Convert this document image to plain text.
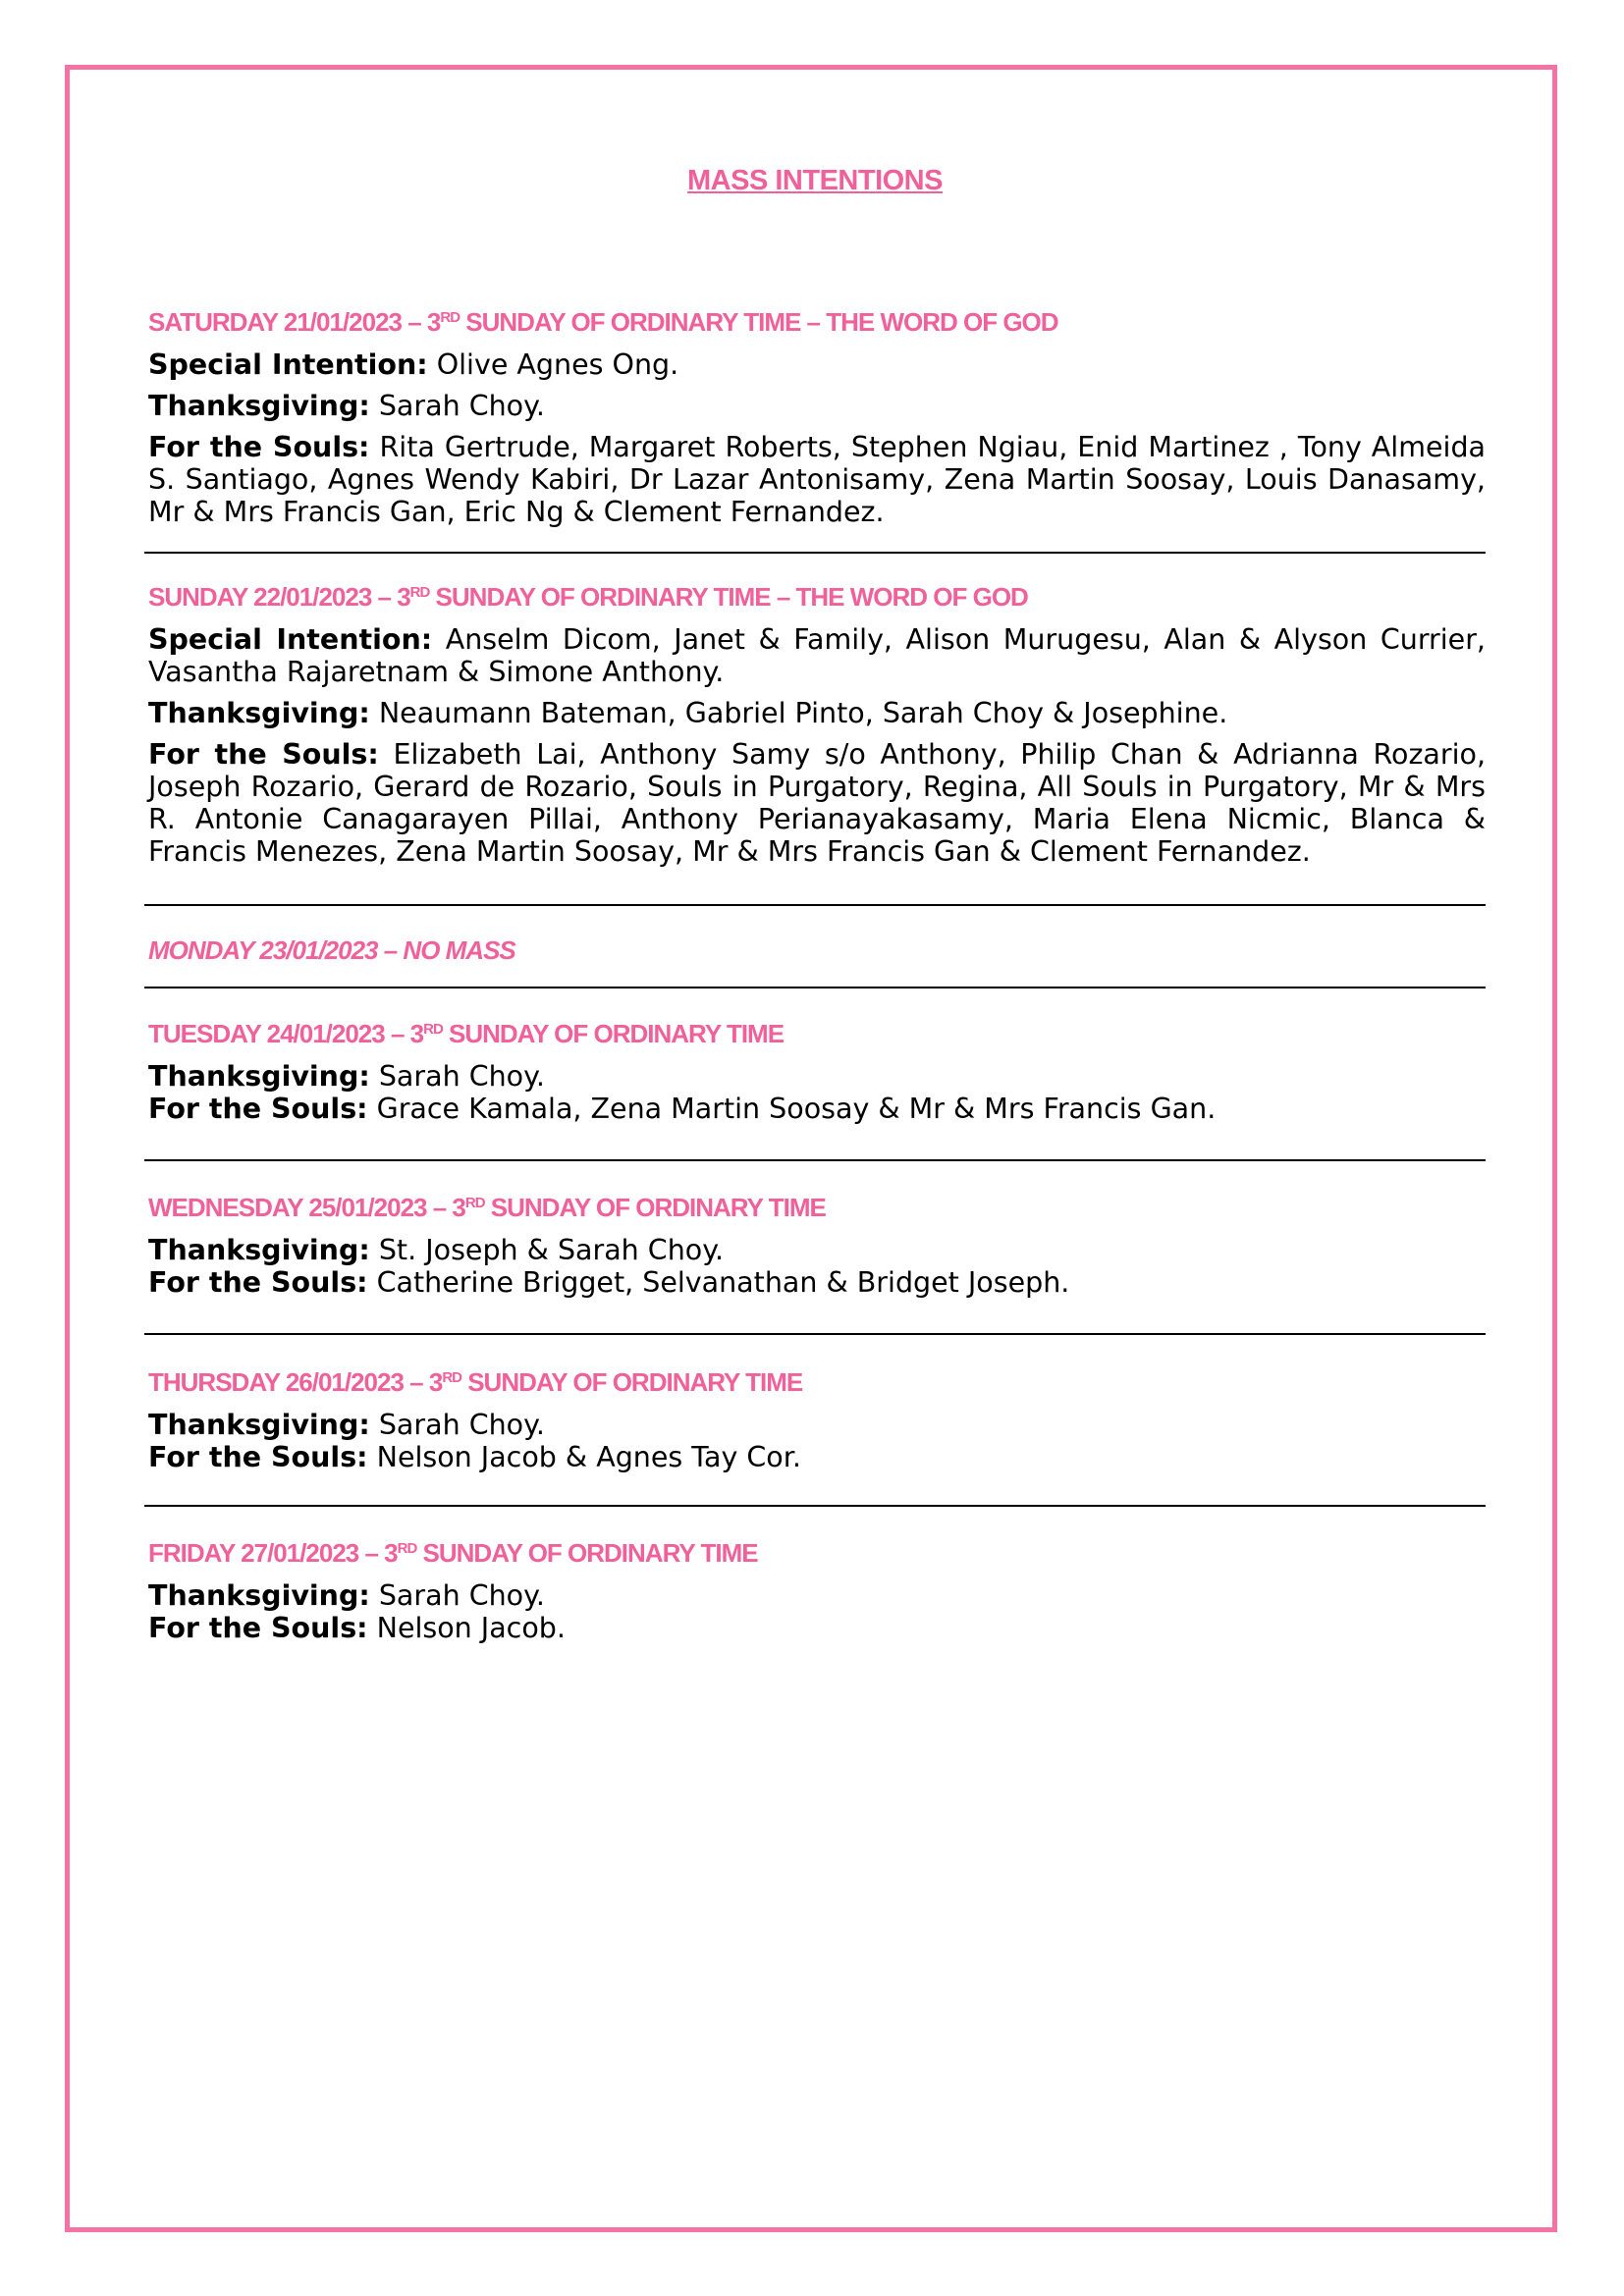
MASS INTENTIONS
SATURDAY 21/01/2023 – 3RD SUNDAY OF ORDINARY TIME – THE WORD OF GOD
Special Intention: Olive Agnes Ong.
Thanksgiving: Sarah Choy.
For the Souls: Rita Gertrude, Margaret Roberts, Stephen Ngiau, Enid Martinez , Tony Almeida S. Santiago, Agnes Wendy Kabiri, Dr Lazar Antonisamy, Zena Martin Soosay, Louis Danasamy, Mr & Mrs Francis Gan, Eric Ng & Clement Fernandez.
SUNDAY 22/01/2023 – 3RD SUNDAY OF ORDINARY TIME – THE WORD OF GOD
Special Intention: Anselm Dicom, Janet & Family, Alison Murugesu, Alan & Alyson Currier, Vasantha Rajaretnam & Simone Anthony.
Thanksgiving: Neaumann Bateman, Gabriel Pinto, Sarah Choy & Josephine.
For the Souls: Elizabeth Lai, Anthony Samy s/o Anthony, Philip Chan & Adrianna Rozario, Joseph Rozario, Gerard de Rozario, Souls in Purgatory, Regina, All Souls in Purgatory, Mr & Mrs R. Antonie Canagarayen Pillai, Anthony Perianayakasamy, Maria Elena Nicmic, Blanca & Francis Menezes, Zena Martin Soosay, Mr & Mrs Francis Gan & Clement Fernandez.
MONDAY 23/01/2023 – NO MASS
TUESDAY 24/01/2023 – 3RD SUNDAY OF ORDINARY TIME
Thanksgiving: Sarah Choy.
For the Souls: Grace Kamala, Zena Martin Soosay & Mr & Mrs Francis Gan.
WEDNESDAY 25/01/2023 – 3RD SUNDAY OF ORDINARY TIME
Thanksgiving: St. Joseph & Sarah Choy.
For the Souls: Catherine Brigget, Selvanathan & Bridget Joseph.
THURSDAY 26/01/2023 – 3RD SUNDAY OF ORDINARY TIME
Thanksgiving: Sarah Choy.
For the Souls: Nelson Jacob & Agnes Tay Cor.
FRIDAY 27/01/2023 – 3RD SUNDAY OF ORDINARY TIME
Thanksgiving: Sarah Choy.
For the Souls: Nelson Jacob.
